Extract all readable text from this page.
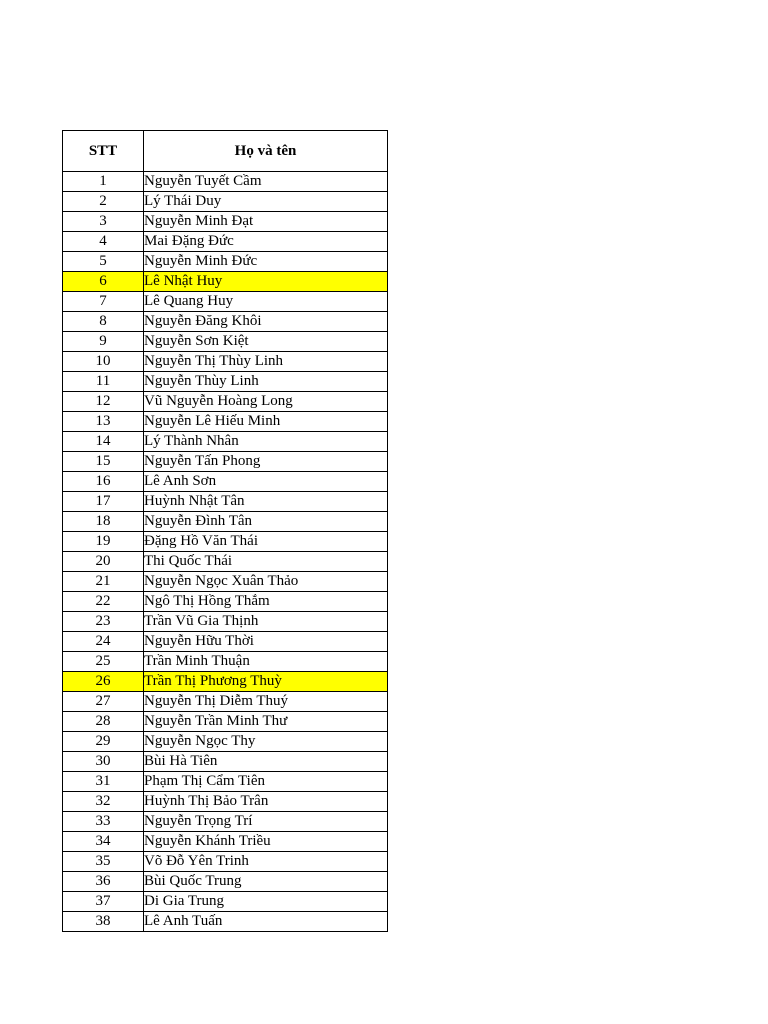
STT	Họ và tên
1	Nguyễn Tuyết Cầm
2	Lý Thái Duy
3	Nguyễn Minh Đạt
4	Mai Đặng Đức
5	Nguyễn Minh Đức
6	Lê Nhật Huy
7	Lê Quang Huy
8	Nguyễn Đăng Khôi
9	Nguyễn Sơn Kiệt
10	Nguyễn Thị Thùy Linh
11	Nguyễn Thùy Linh
12	Vũ Nguyễn Hoàng Long
13	Nguyễn Lê Hiếu Minh
14	Lý Thành Nhân
15	Nguyễn Tấn Phong
16	Lê Anh Sơn
17	Huỳnh Nhật Tân
18	Nguyễn Đình Tân
19	Đặng Hồ Văn Thái
20	Thi Quốc Thái
21	Nguyễn Ngọc Xuân Thảo
22	Ngô Thị Hồng Thắm
23	Trần Vũ Gia Thịnh
24	Nguyễn Hữu Thời
25	Trần Minh Thuận
26	Trần Thị Phương Thuỳ
27	Nguyễn Thị Diễm Thuý
28	Nguyễn Trần Minh Thư
29	Nguyễn Ngọc Thy
30	Bùi Hà Tiên
31	Phạm Thị Cẩm Tiên
32	Huỳnh Thị Bảo Trân
33	Nguyễn Trọng Trí
34	Nguyễn Khánh Triều
35	Võ Đỗ Yên Trinh
36	Bùi Quốc Trung
37	Di Gia Trung
38	Lê Anh Tuấn
